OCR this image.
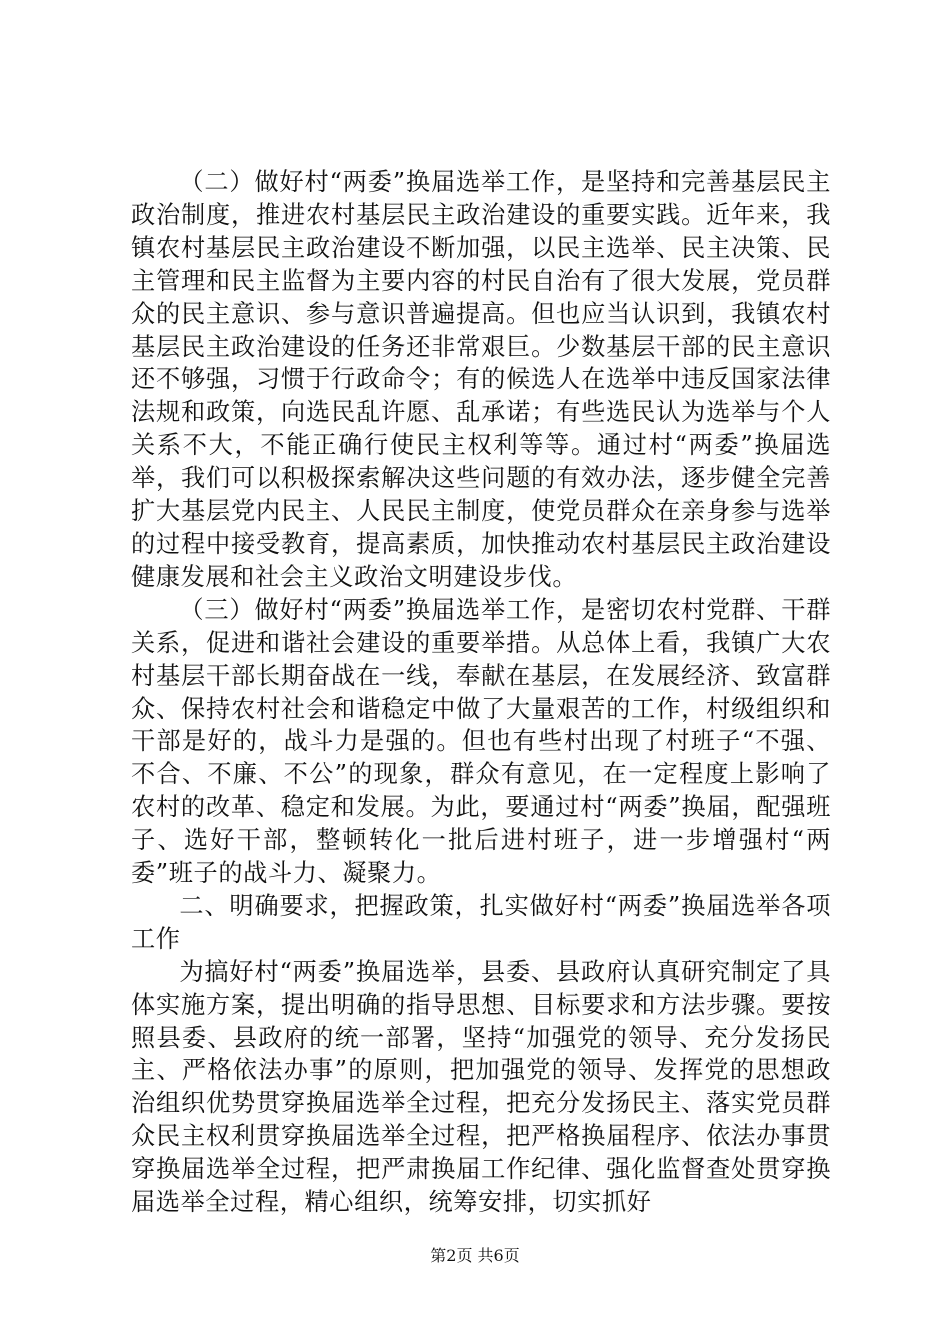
（二）做好村“两委”换届选举工作，是坚持和完善基层民主政治制度，推进农村基层民主政治建设的重要实践。近年来，我镇农村基层民主政治建设不断加强，以民主选举、民主决策、民主管理和民主监督为主要内容的村民自治有了很大发展，党员群众的民主意识、参与意识普遍提高。但也应当认识到，我镇农村基层民主政治建设的任务还非常艰巨。少数基层干部的民主意识还不够强，习惯于行政命令；有的候选人在选举中违反国家法律法规和政策，向选民乱许愿、乱承诺；有些选民认为选举与个人关系不大，不能正确行使民主权利等等。通过村“两委”换届选举，我们可以积极探索解决这些问题的有效办法，逐步健全完善扩大基层党内民主、人民民主制度，使党员群众在亲身参与选举的过程中接受教育，提高素质，加快推动农村基层民主政治建设健康发展和社会主义政治文明建设步伐。

（三）做好村“两委”换届选举工作，是密切农村党群、干群关系，促进和谐社会建设的重要举措。从总体上看，我镇广大农村基层干部长期奋战在一线，奉献在基层，在发展经济、致富群众、保持农村社会和谐稳定中做了大量艰苦的工作，村级组织和干部是好的，战斗力是强的。但也有些村出现了村班子“不强、不合、不廉、不公”的现象，群众有意见，在一定程度上影响了农村的改革、稳定和发展。为此，要通过村“两委”换届，配强班子、选好干部，整顿转化一批后进村班子，进一步增强村“两委”班子的战斗力、凝聚力。

二、明确要求，把握政策，扎实做好村“两委”换届选举各项工作

为搞好村“两委”换届选举，县委、县政府认真研究制定了具体实施方案，提出明确的指导思想、目标要求和方法步骤。要按照县委、县政府的统一部署，坚持“加强党的领导、充分发扬民主、严格依法办事”的原则，把加强党的领导、发挥党的思想政治组织优势贯穿换届选举全过程，把充分发扬民主、落实党员群众民主权利贯穿换届选举全过程，把严格换届程序、依法办事贯穿换届选举全过程，把严肃换届工作纪律、强化监督查处贯穿换届选举全过程，精心组织，统筹安排，切实抓好

第2页 共6页
